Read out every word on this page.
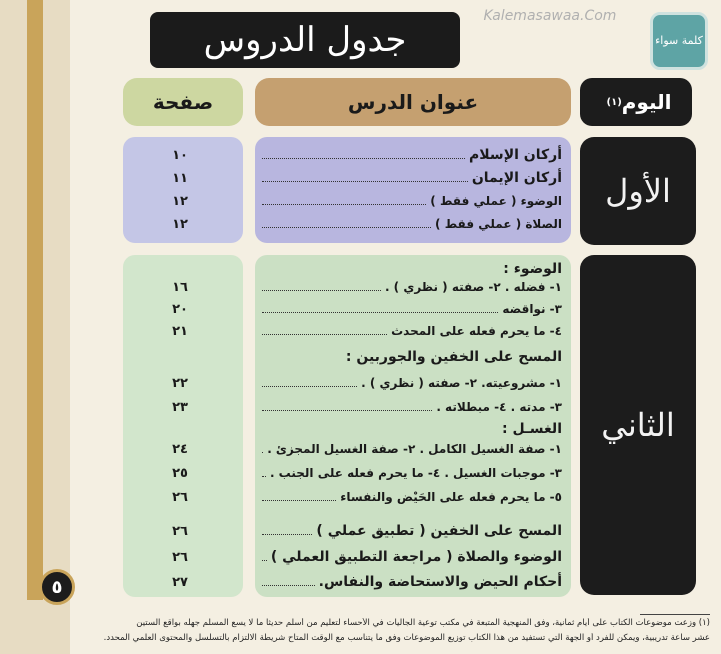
جدول الدروس
Kalemasawaa.Com
كلمة سواء
اليوم
(١)
عنوان الدرس
صفحة
الأول
أركان الإسلام
أركان الإيمان
الوضوء ( عملي فقط )
الصلاة ( عملي فقط )
١٠
١١
١٢
١٢
الثاني
الوضوء :
١- فضله . ٢- صفته ( نظري ) .
٣- نواقضه
٤- ما يحرم فعله على المحدث
المسح على الخفين والجوربين :
١- مشروعيته. ٢- صفته ( نظري ) .
٣- مدته . ٤- مبطلاته .
الغسـل :
١- صفة الغسيل الكامل . ٢- صفة الغسيل المجزئ .
٣- موجبات الغسيل . ٤- ما يحرم فعله على الجنب .
٥- ما يحرم فعله على الحَيْض والنفساء
المسح على الخفين ( تطبيق عملي )
الوضوء والصلاة ( مراجعة التطبيق العملي )
أحكام الحيض والاستحاضة والنفاس.
١٦
٢٠
٢١
٢٢
٢٣
٢٤
٢٥
٢٦
٢٦
٢٦
٢٧
٥
(١) وزعت موضوعات الكتاب على أيام ثمانية، وفق المنهجية المتبعة في مكتب توعية الجاليات في الأحساء لتعليم من أسلم حديثا ما لا يسع المسلم جهله بواقع الستين
عشر ساعة تدريبية، ويمكن للفرد أو الجهة التي تستفيد من هذا الكتاب توزيع الموضوعات وفق ما يتناسب مع الوقت المتاح شريطة الالتزام بالتسلسل والمحتوى العلمي المحدد.
